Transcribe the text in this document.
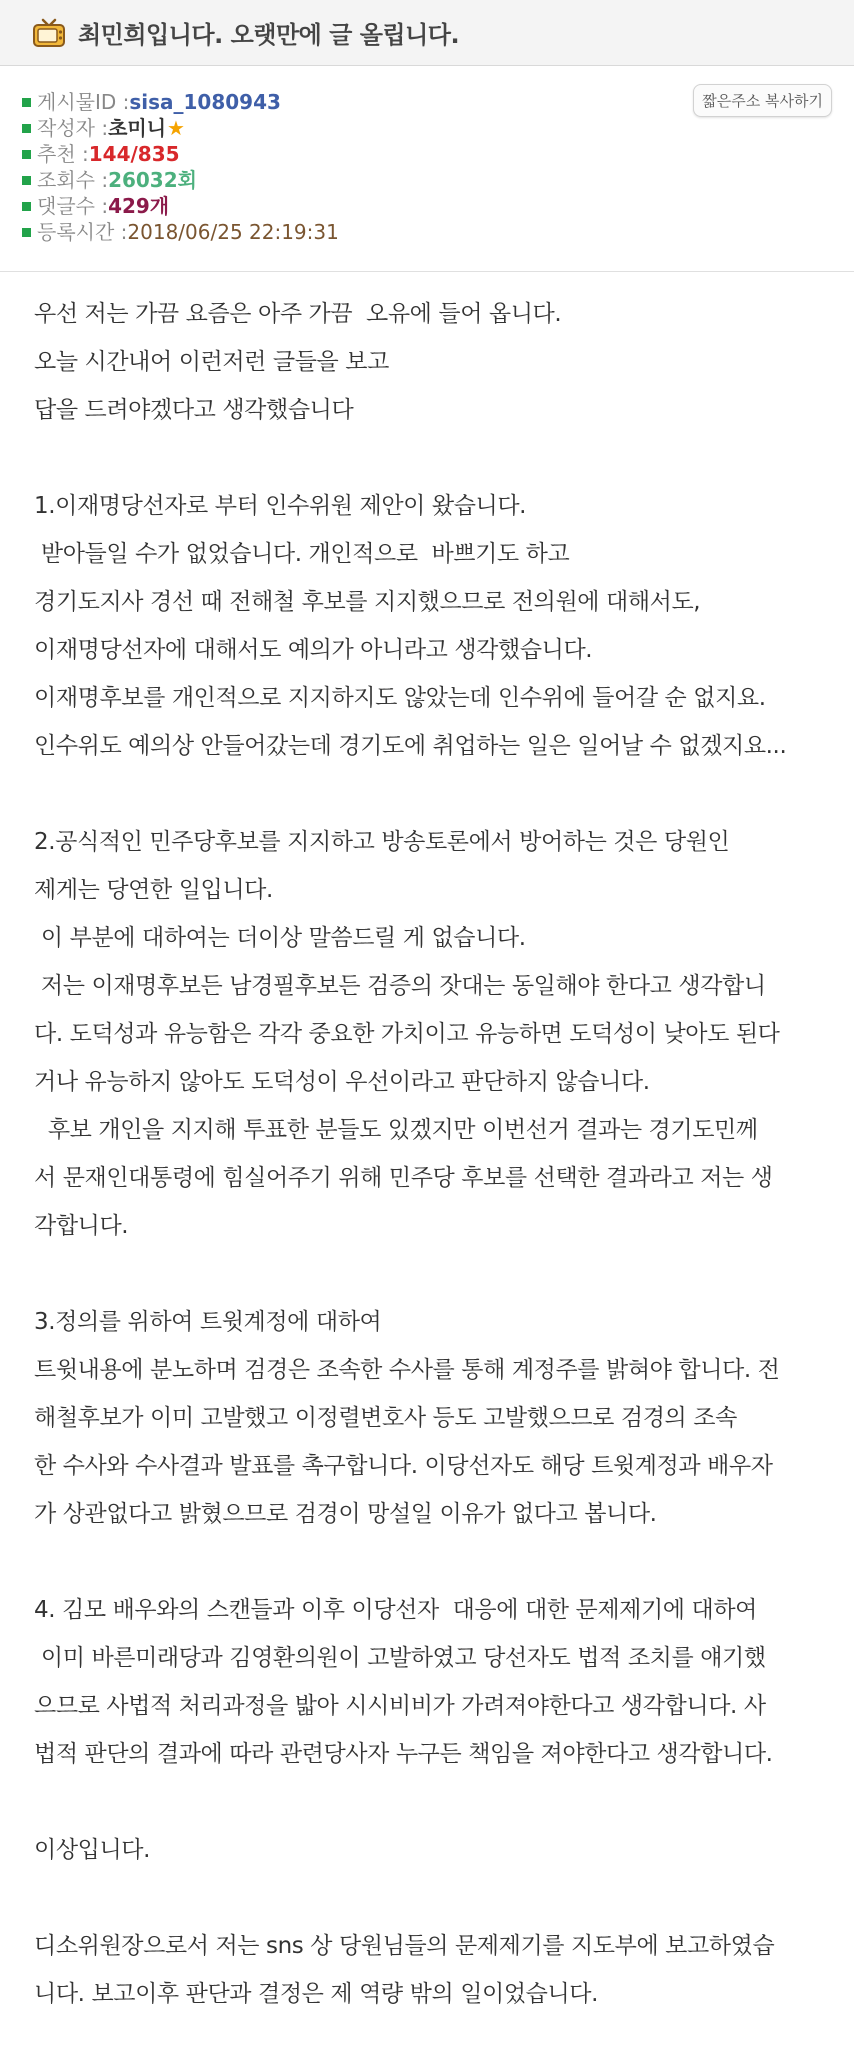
최민희입니다. 오랫만에 글 올립니다.
게시물ID : sisa_1080943
작성자 : 초미니 ★
추천 : 144/835
조회수 : 26032회
댓글수 : 429개
등록시간 : 2018/06/25 22:19:31
짧은주소 복사하기
우선 저는 가끔 요즘은 아주 가끔  오유에 들어 옵니다.
오늘 시간내어 이런저런 글들을 보고
답을 드려야겠다고 생각했습니다
1.이재명당선자로 부터 인수위원 제안이 왔습니다.
받아들일 수가 없었습니다. 개인적으로  바쁘기도 하고
경기도지사 경선 때 전해철 후보를 지지했으므로 전의원에 대해서도,
이재명당선자에 대해서도 예의가 아니라고 생각했습니다.
이재명후보를 개인적으로 지지하지도 않았는데 인수위에 들어갈 순 없지요.
인수위도 예의상 안들어갔는데 경기도에 취업하는 일은 일어날 수 없겠지요...
2.공식적인 민주당후보를 지지하고 방송토론에서 방어하는 것은 당원인
제게는 당연한 일입니다.
이 부분에 대하여는 더이상 말씀드릴 게 없습니다.
저는 이재명후보든 남경필후보든 검증의 잣대는 동일해야 한다고 생각합니
다. 도덕성과 유능함은 각각 중요한 가치이고 유능하면 도덕성이 낮아도 된다
거나 유능하지 않아도 도덕성이 우선이라고 판단하지 않습니다.
후보 개인을 지지해 투표한 분들도 있겠지만 이번선거 결과는 경기도민께
서 문재인대통령에 힘실어주기 위해 민주당 후보를 선택한 결과라고 저는 생
각합니다.
3.정의를 위하여 트윗계정에 대하여
트윗내용에 분노하며 검경은 조속한 수사를 통해 계정주를 밝혀야 합니다. 전
해철후보가 이미 고발했고 이정렬변호사 등도 고발했으므로 검경의 조속
한 수사와 수사결과 발표를 촉구합니다. 이당선자도 해당 트윗계정과 배우자
가 상관없다고 밝혔으므로 검경이 망설일 이유가 없다고 봅니다.
4. 김모 배우와의 스캔들과 이후 이당선자  대응에 대한 문제제기에 대하여
이미 바른미래당과 김영환의원이 고발하였고 당선자도 법적 조치를 얘기했
으므로 사법적 처리과정을 밟아 시시비비가 가려져야한다고 생각합니다. 사
법적 판단의 결과에 따라 관련당사자 누구든 책임을 져야한다고 생각합니다.
이상입니다.
디소위원장으로서 저는 sns 상 당원님들의 문제제기를 지도부에 보고하였습
니다. 보고이후 판단과 결정은 제 역량 밖의 일이었습니다.
